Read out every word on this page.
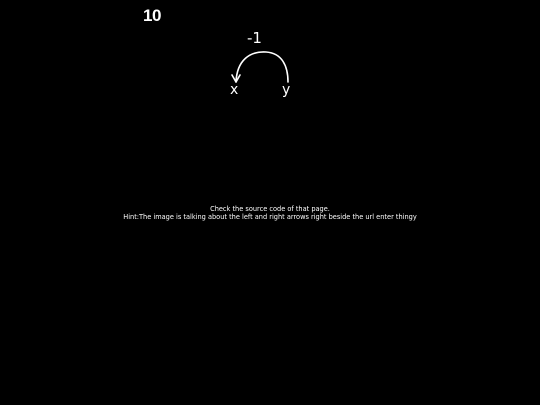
10
-1
x	y
Check the source code of that page.
Hint:The image is talking about the left and right arrows right beside the url enter thingy
